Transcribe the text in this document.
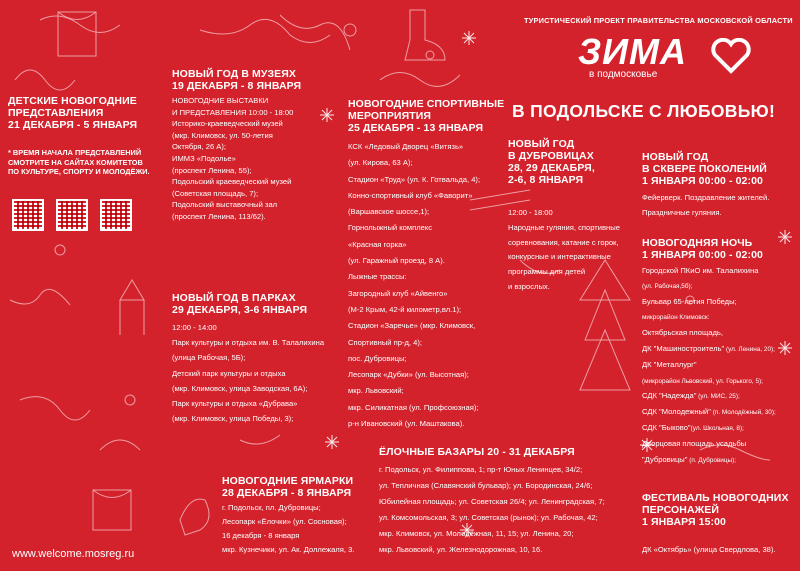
ТУРИСТИЧЕСКИЙ ПРОЕКТ ПРАВИТЕЛЬСТВА МОСКОВСКОЙ ОБЛАСТИ
ЗИМА
в подмосковье
В ПОДОЛЬСКЕ С ЛЮБОВЬЮ!
ДЕТСКИЕ НОВОГОДНИЕ
ПРЕДСТАВЛЕНИЯ
21 ДЕКАБРЯ - 5 ЯНВАРЯ
* ВРЕМЯ НАЧАЛА ПРЕДСТАВЛЕНИЙ
СМОТРИТЕ НА САЙТАХ КОМИТЕТОВ
ПО КУЛЬТУРЕ, СПОРТУ И МОЛОДЁЖИ.
НОВЫЙ ГОД В МУЗЕЯХ
19 ДЕКАБРЯ - 8 ЯНВАРЯ
НОВОГОДНИЕ ВЫСТАВКИ
И ПРЕДСТАВЛЕНИЯ 10:00 - 18:00
Историко-краеведческий музей
(мкр. Климовск, ул. 50-летия
Октября, 26 А);
ИММЗ «Подолье»
(проспект Ленина, 55);
Подольский краеведческий музей
(Советская площадь, 7);
Подольский выставочный зал
(проспект Ленина, 113/62).
НОВЫЙ ГОД В ПАРКАХ
29 ДЕКАБРЯ, 3-6 ЯНВАРЯ
12:00 - 14:00
Парк культуры и отдыха им. В. Талалихина
(улица Рабочая, 5Б);
Детский парк культуры и отдыха
(мкр. Климовск, улица Заводская, 6А);
Парк культуры и отдыха «Дубрава»
(мкр. Климовск, улица Победы, 3);
НОВОГОДНИЕ ЯРМАРКИ
28 ДЕКАБРЯ - 8 ЯНВАРЯ
г. Подольск, пл. Дубровицы;
Лесопарк «Ёлочки» (ул. Сосновая);
16 декабря - 8 января
мкр. Кузнечики, ул. Ак. Доллежаля, 3.
НОВОГОДНИЕ СПОРТИВНЫЕ
МЕРОПРИЯТИЯ
25 ДЕКАБРЯ - 13 ЯНВАРЯ
КСК «Ледовый Дворец «Витязь»
(ул. Кирова, 63 А);
Стадион «Труд» (ул. К. Готвальда, 4);
Конно-спортивный клуб «Фаворит»
(Варшавское шоссе,1);
Горнолыжный комплекс
«Красная горка»
(ул. Гаражный проезд, 8 А).
Лыжные трассы:
Загородный клуб «Айвенго»
(М-2 Крым, 42-й километр,вл.1);
Стадион «Заречье» (мкр. Климовск,
Спортивный пр-д, 4);
пос. Дубровицы;
Лесопарк «Дубки» (ул. Высотная);
мкр. Львовский;
мкр. Силикатная (ул. Профсоюзная);
р-н Ивановский (ул. Маштакова).
НОВЫЙ ГОД
В ДУБРОВИЦАХ
28, 29 ДЕКАБРЯ,
2-6, 8 ЯНВАРЯ
12:00 - 18:00
Народные гуляния, спортивные
соревнования, катание с горок,
конкурсные и интерактивные
программы для детей
и взрослых.
НОВЫЙ ГОД
В СКВЕРЕ ПОКОЛЕНИЙ
1 ЯНВАРЯ 00:00 - 02:00
Фейерверк. Поздравление жителей.
Праздничные гуляния.
НОВОГОДНЯЯ НОЧЬ
1 ЯНВАРЯ 00:00 - 02:00
Городской ПКиО им. Талалихина
(ул. Рабочая,5б);
Бульвар 65-летия Победы;
микрорайон Климовск:
Октябрьская площадь,
ДК "Машиностроитель" (ул. Ленина, 20);
ДК "Металлург"
(микрорайон Львовский, ул. Горького, 5);
СДК "Надежда" (ул. МИС, 25);
СДК "Молодежный" (п. Молодёжный, 30);
СДК "Быково"(ул. Школьная, 8);
Дворцовая площадь усадьбы
"Дубровицы" (п. Дубровицы);
ЁЛОЧНЫЕ БАЗАРЫ 20 - 31 ДЕКАБРЯ
г. Подольск, ул. Филиппова, 1; пр-т Юных Ленинцев, 34/2;
ул. Тепличная (Славянский бульвар); ул. Бородинская, 24/6;
Юбилейная площадь; ул. Советская 26/4; ул. Ленинградская, 7;
ул. Комсомольская, 3; ул. Советская (рынок); ул. Рабочая, 42;
мкр. Климовск, ул. Молодёжная, 11, 15; ул. Ленина, 20;
мкр. Львовский, ул. Железнодорожная, 10, 16.
ФЕСТИВАЛЬ НОВОГОДНИХ
ПЕРСОНАЖЕЙ
1 ЯНВАРЯ 15:00
ДК «Октябрь» (улица Свердлова, 38).
www.welcome.mosreg.ru
